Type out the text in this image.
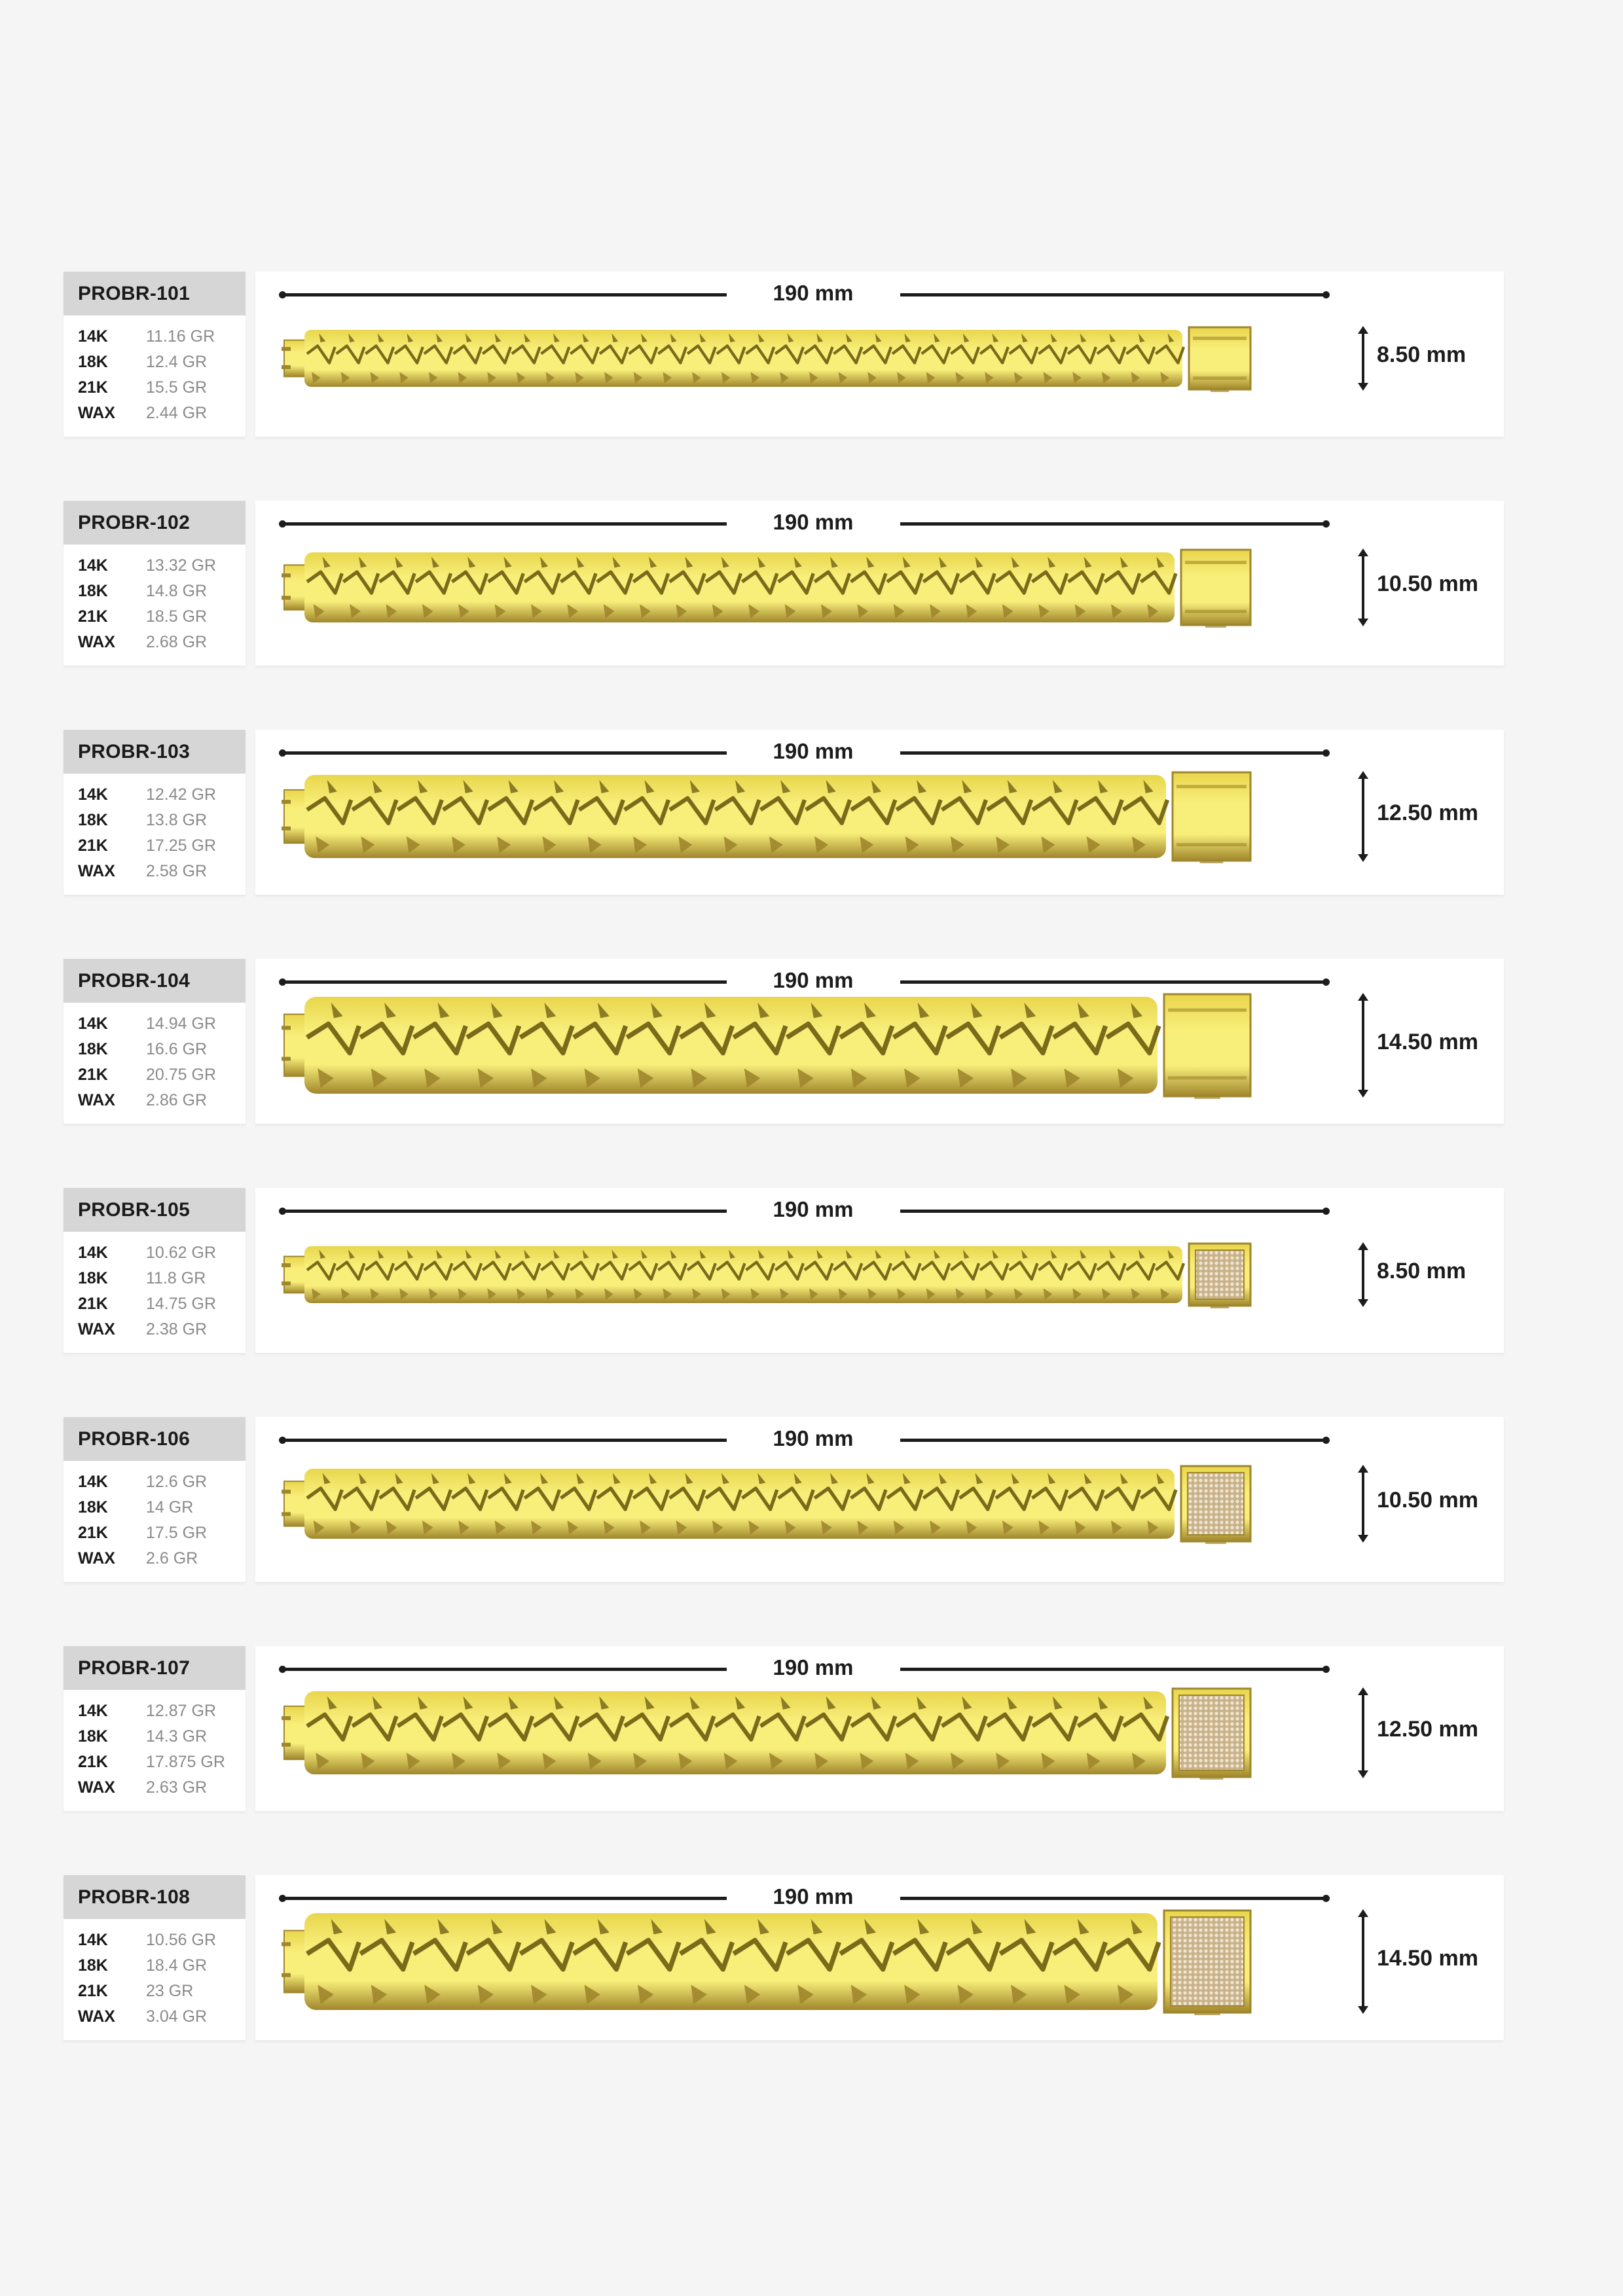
PROBR-101
14K	11.16 GR
18K	12.4 GR
21K	15.5 GR
WAX	2.44 GR
190 mm
8.50 mm
PROBR-102
14K	13.32 GR
18K	14.8 GR
21K	18.5 GR
WAX	2.68 GR
190 mm
10.50 mm
PROBR-103
14K	12.42 GR
18K	13.8 GR
21K	17.25 GR
WAX	2.58 GR
190 mm
12.50 mm
PROBR-104
14K	14.94 GR
18K	16.6 GR
21K	20.75 GR
WAX	2.86 GR
190 mm
14.50 mm
PROBR-105
14K	10.62 GR
18K	11.8 GR
21K	14.75 GR
WAX	2.38 GR
190 mm
8.50 mm
PROBR-106
14K	12.6 GR
18K	14 GR
21K	17.5 GR
WAX	2.6 GR
190 mm
10.50 mm
PROBR-107
14K	12.87 GR
18K	14.3 GR
21K	17.875 GR
WAX	2.63 GR
190 mm
12.50 mm
PROBR-108
14K	10.56 GR
18K	18.4 GR
21K	23 GR
WAX	3.04 GR
190 mm
14.50 mm
